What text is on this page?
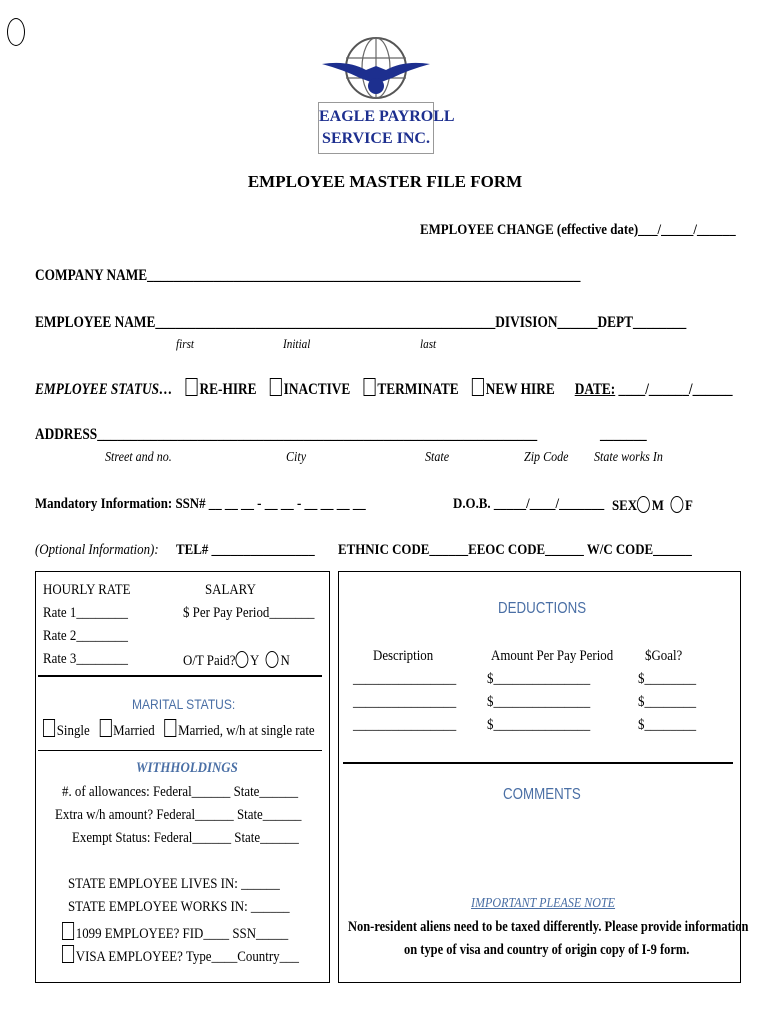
EAGLE PAYROLL
SERVICE INC.
EMPLOYEE MASTER FILE FORM
EMPLOYEE CHANGE (effective date)___/_____/______
COMPANY NAME_________________________________________________________________
EMPLOYEE NAME___________________________________________________DIVISION______DEPT________
first	Initial	last
EMPLOYEE STATUS… RE-HIRE INACTIVE TERMINATE NEW HIRE DATE: ____/______/______
ADDRESS__________________________________________________________________	_______
Street and no.	City	State	Zip Code State works In
Mandatory Information: SSN# __ __ __ - __ __ - __ __ __ __	D.O.B. _____/____/_______ SEX M F
(Optional Information): TEL# ________________ ETHNIC CODE______EEOC CODE______ W/C CODE______
HOURLY RATE	SALARY
Rate 1________	$ Per Pay Period_______
Rate 2________
Rate 3________	O/T Paid? Y N
MARITAL STATUS:
Single Married Married, w/h at single rate
WITHHOLDINGS
#. of allowances: Federal______ State______
Extra w/h amount? Federal______ State______
Exempt Status: Federal______ State______
STATE EMPLOYEE LIVES IN: ______
STATE EMPLOYEE WORKS IN: ______
1099 EMPLOYEE? FID____ SSN_____
VISA EMPLOYEE? Type____Country___
DEDUCTIONS
Description	Amount Per Pay Period $Goal?
________________ $_______________	$________
________________ $_______________	$________
________________ $_______________	$________
COMMENTS
IMPORTANT PLEASE NOTE
Non-resident aliens need to be taxed differently. Please provide information
on type of visa and country of origin copy of I-9 form.
